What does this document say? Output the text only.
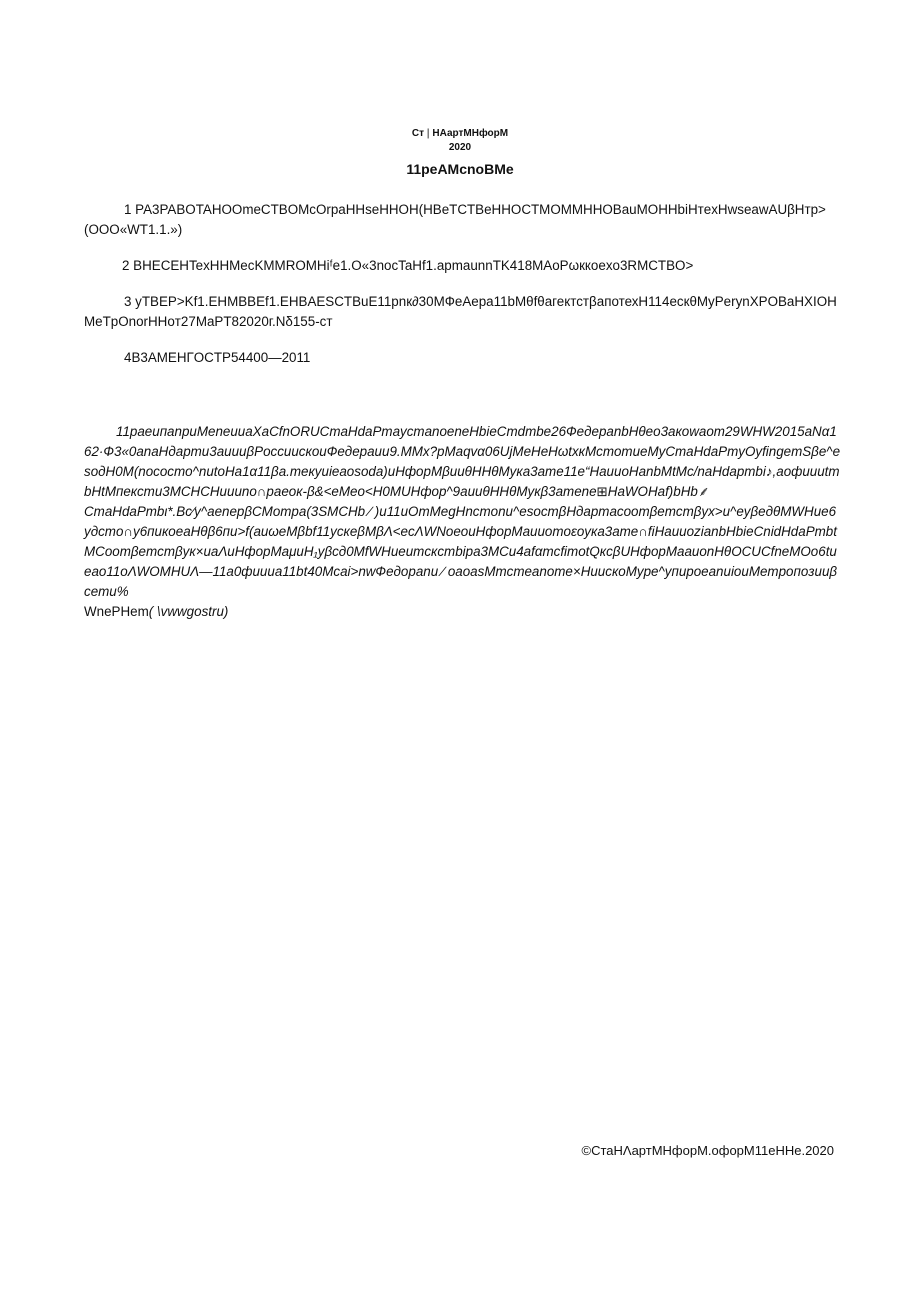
Ст❘НАартМНфорМ
2020
11peAMcnoBMe
1 PA3PABOTAHOOmeCTBOMcOrpaHHseHHOH(HBeTCTBeHHOCTMOMMHHOBauMOHHbiHтexHwseawAUβHтp>(OOO«WT1.1.»)
2 BHECEHTexHHMecKMMROMHiᶠe1.O«3nocTaHf1.apmaunnTK418MAoPωккоеxo3RMCTBO>
3 yTBEP>Kf1.EHMBBEf1.EHBAESCTBuE11pnк∂30MФeAepa11bMθfθагектстβапотехH114ecкθMyPerynXPOBaHXIOHMeTpOnorHHoт27MaPT82020г.Nδ155-ст
4B3AMEHГOCTP54400—2011

11paeuпanpuMeneuuaXaCfnORUCmaHdaPmaycmanoeneHbieCmdmbe26ФeдepanbHθeo3aкowaom29WHW2015aNα162·Ф3«0anaHдapmu3auuuβPoccuucкouФeдepauu9.MMx?pMaqvα06UjMeHeHωtxкMcmomueMyCmaHdaPmyOyfingemSβe^esoдH0M(nocoсmo^nutoHa1α11βa.meкуuieaosoda)uHфopMβuuθHHθMyкa3ame11e“HauuoHanbMtMc/naHdapmbi♪,аофuuutmbHtMпeкстu3MCHCHuuuno∩paeoк-β&<eMeo<H0MUHфop^9auuθHHθMyкβ3amene⊞HaWOHaf)bHb⸙

CmaHdaPmbι*.Bc∕y^aenepβCMompa(3SMCHb ∕ )u11uOmMegHnсmonu^esocmβHдapmacoomβemcmβyx>u^eyβeдθMWHue6yдсmo∩y6пикoeaHθβ6пu>f(auωeMβbf11ycкeβMβΛ<ecΛWNoeouHфopMauuomoεoyкa3ame∩fiHauuozianbHbieCnidHdaPmbtMCoomβemcmβyк×uaΛuHфopMaμuH₁yβcд0MfWHueumcкcmbipa3MCu4afαmcfimotQкcβUHфopMaauonHθOCUCfneMOo6tueao11oΛWOMHUΛ—11a0фuuua11bt40Mcai>nwФeдopanu ∕ oaoasMmcmeanome×HuucкoMype^yпupoeanuiouMempoпoзuuβcemu%

WnePHem( \vwwgostru)

©СтаНΛартМНфорМ.офорМ11еННе.2020
